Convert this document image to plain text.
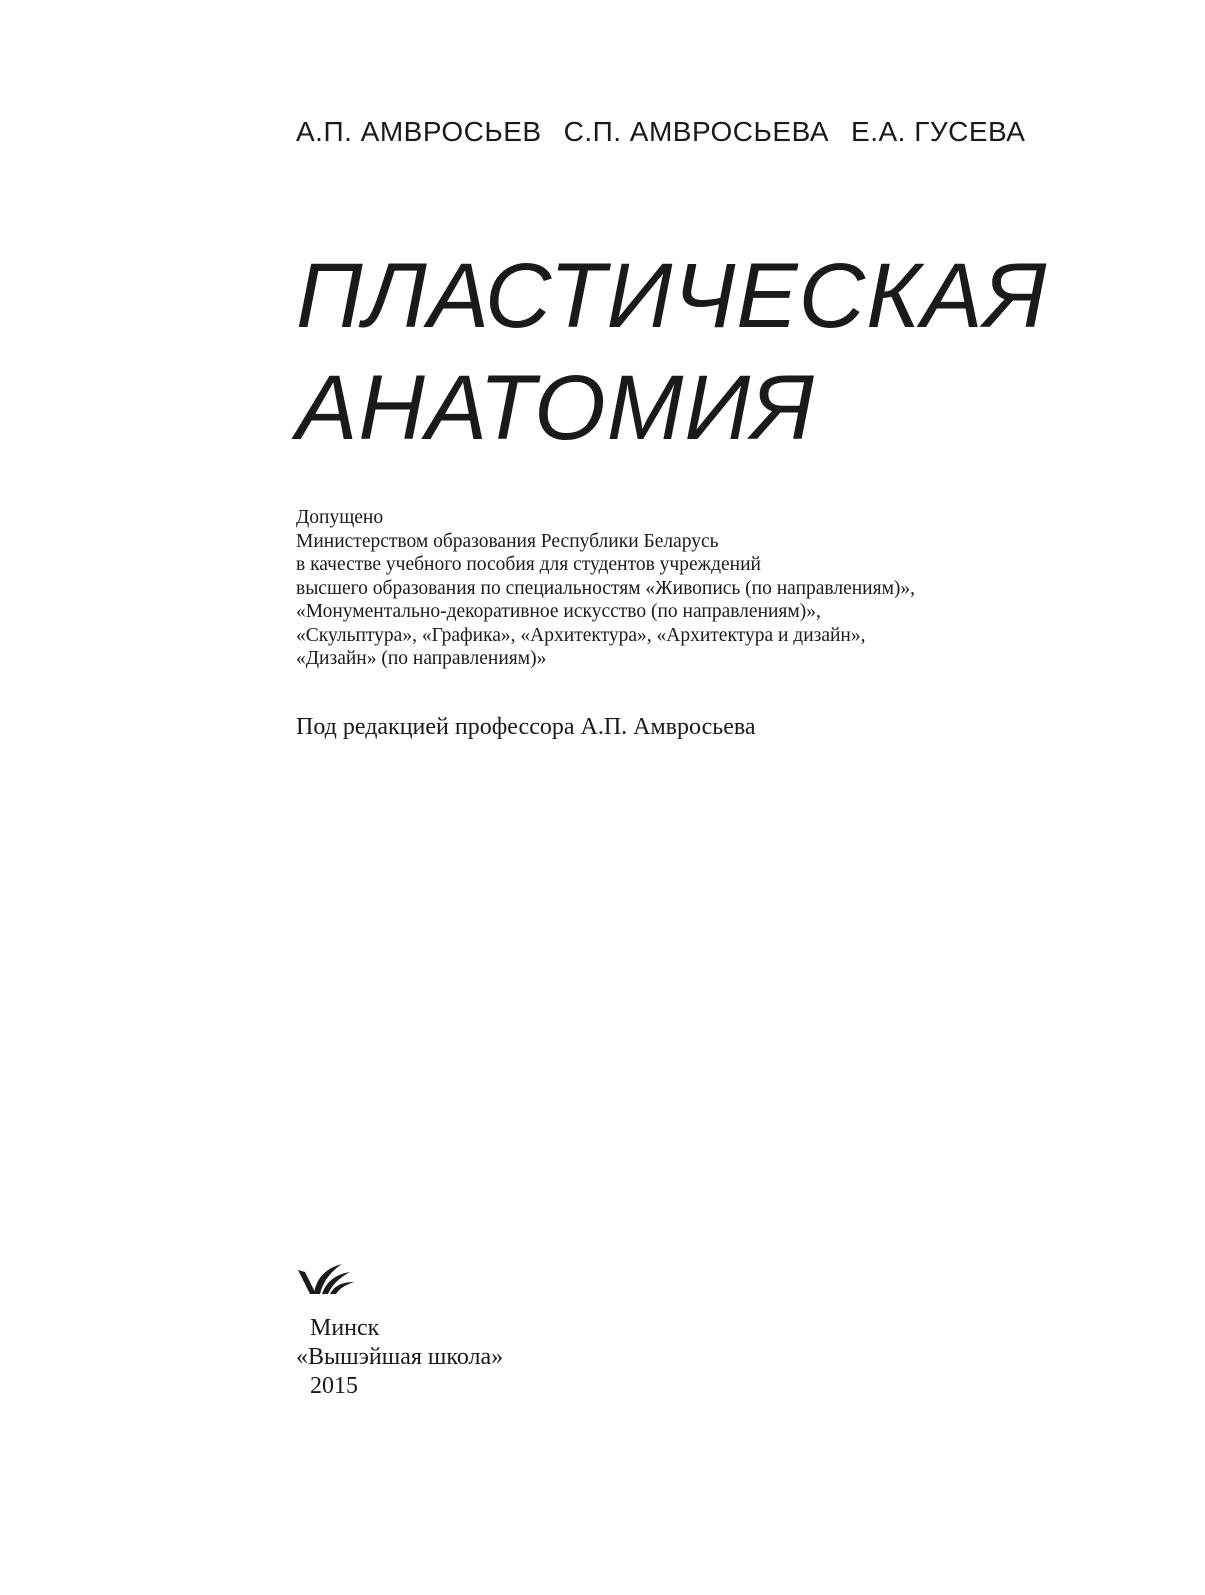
А.П. АМВРОСЬЕВ С.П. АМВРОСЬЕВА Е.А. ГУСЕВА
ПЛАСТИЧЕСКАЯ
АНАТОМИЯ
Допущено
Министерством образования Республики Беларусь
в качестве учебного пособия для студентов учреждений
высшего образования по специальностям «Живопись (по направлениям)»,
«Монументально-декоративное искусство (по направлениям)»,
«Скульптура», «Графика», «Архитектура», «Архитектура и дизайн»,
«Дизайн» (по направлениям)»
Под редакцией профессора А.П. Амвросьева
Минск
«Вышэйшая школа»
2015
